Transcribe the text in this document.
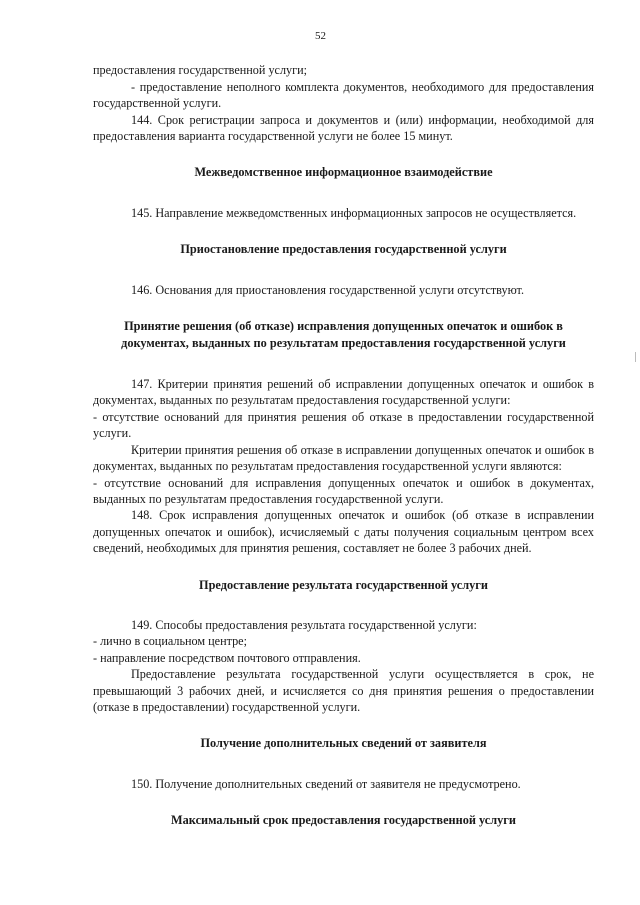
52

предоставления государственной услуги;

- предоставление неполного комплекта документов, необходимого для предоставления государственной услуги.

144. Срок регистрации запроса и документов и (или) информации, необходимой для предоставления варианта государственной услуги не более 15 минут.

Межведомственное информационное взаимодействие

145. Направление межведомственных информационных запросов не осуществляется.

Приостановление предоставления государственной услуги

146. Основания для приостановления государственной услуги отсутствуют.

Принятие решения (об отказе) исправления допущенных опечаток и ошибок в документах, выданных по результатам предоставления государственной услуги

147. Критерии принятия решений об исправлении допущенных опечаток и ошибок в документах, выданных по результатам предоставления государственной услуги:

- отсутствие оснований для принятия решения об отказе в предоставлении государственной услуги.

Критерии принятия решения об отказе в исправлении допущенных опечаток и ошибок в документах, выданных по результатам предоставления государственной услуги являются:

- отсутствие оснований для исправления допущенных опечаток и ошибок в документах, выданных по результатам предоставления государственной услуги.

148. Срок исправления допущенных опечаток и ошибок (об отказе в исправлении допущенных опечаток и ошибок), исчисляемый с даты получения социальным центром всех сведений, необходимых для принятия решения, составляет не более 3 рабочих дней.

Предоставление результата государственной услуги

149. Способы предоставления результата государственной услуги:

- лично в социальном центре;

- направление посредством почтового отправления.

Предоставление результата государственной услуги осуществляется в срок, не превышающий 3 рабочих дней, и исчисляется со дня принятия решения о предоставлении (отказе в предоставлении) государственной услуги.

Получение дополнительных сведений от заявителя

150. Получение дополнительных сведений от заявителя не предусмотрено.

Максимальный срок предоставления государственной услуги
